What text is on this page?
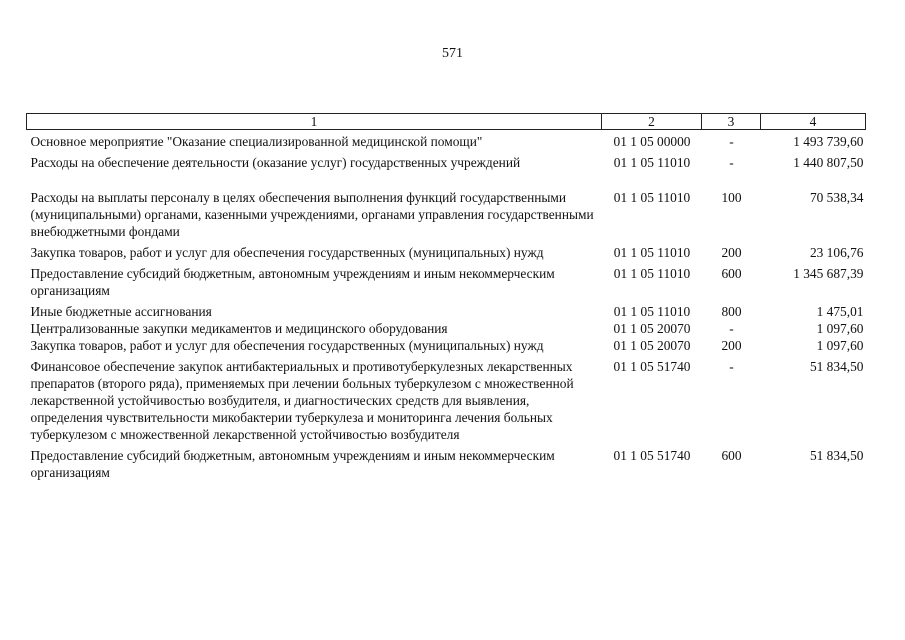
571
1	2	3	4
Основное мероприятие "Оказание специализированной медицинской помощи"	01 1 05 00000	-	1 493 739,60
Расходы на обеспечение деятельности (оказание услуг) государственных учреждений	01 1 05 11010	-	1 440 807,50
Расходы на выплаты персоналу в целях обеспечения выполнения функций государственными (муниципальными) органами, казенными учреждениями, органами управления государственными внебюджетными фондами	01 1 05 11010	100	70 538,34
Закупка товаров, работ и услуг для обеспечения государственных (муниципальных) нужд	01 1 05 11010	200	23 106,76
Предоставление субсидий бюджетным, автономным учреждениям и иным некоммерческим организациям	01 1 05 11010	600	1 345 687,39
Иные бюджетные ассигнования	01 1 05 11010	800	1 475,01
Централизованные закупки медикаментов и медицинского оборудования	01 1 05 20070	-	1 097,60
Закупка товаров, работ и услуг для обеспечения государственных (муниципальных) нужд	01 1 05 20070	200	1 097,60
Финансовое обеспечение закупок антибактериальных и противотуберкулезных лекарственных препаратов (второго ряда), применяемых при лечении больных туберкулезом с множественной лекарственной устойчивостью возбудителя, и диагностических средств для выявления, определения чувствительности микобактерии туберкулеза и мониторинга лечения больных туберкулезом с множественной лекарственной устойчивостью возбудителя	01 1 05 51740	-	51 834,50
Предоставление субсидий бюджетным, автономным учреждениям и иным некоммерческим организациям	01 1 05 51740	600	51 834,50
